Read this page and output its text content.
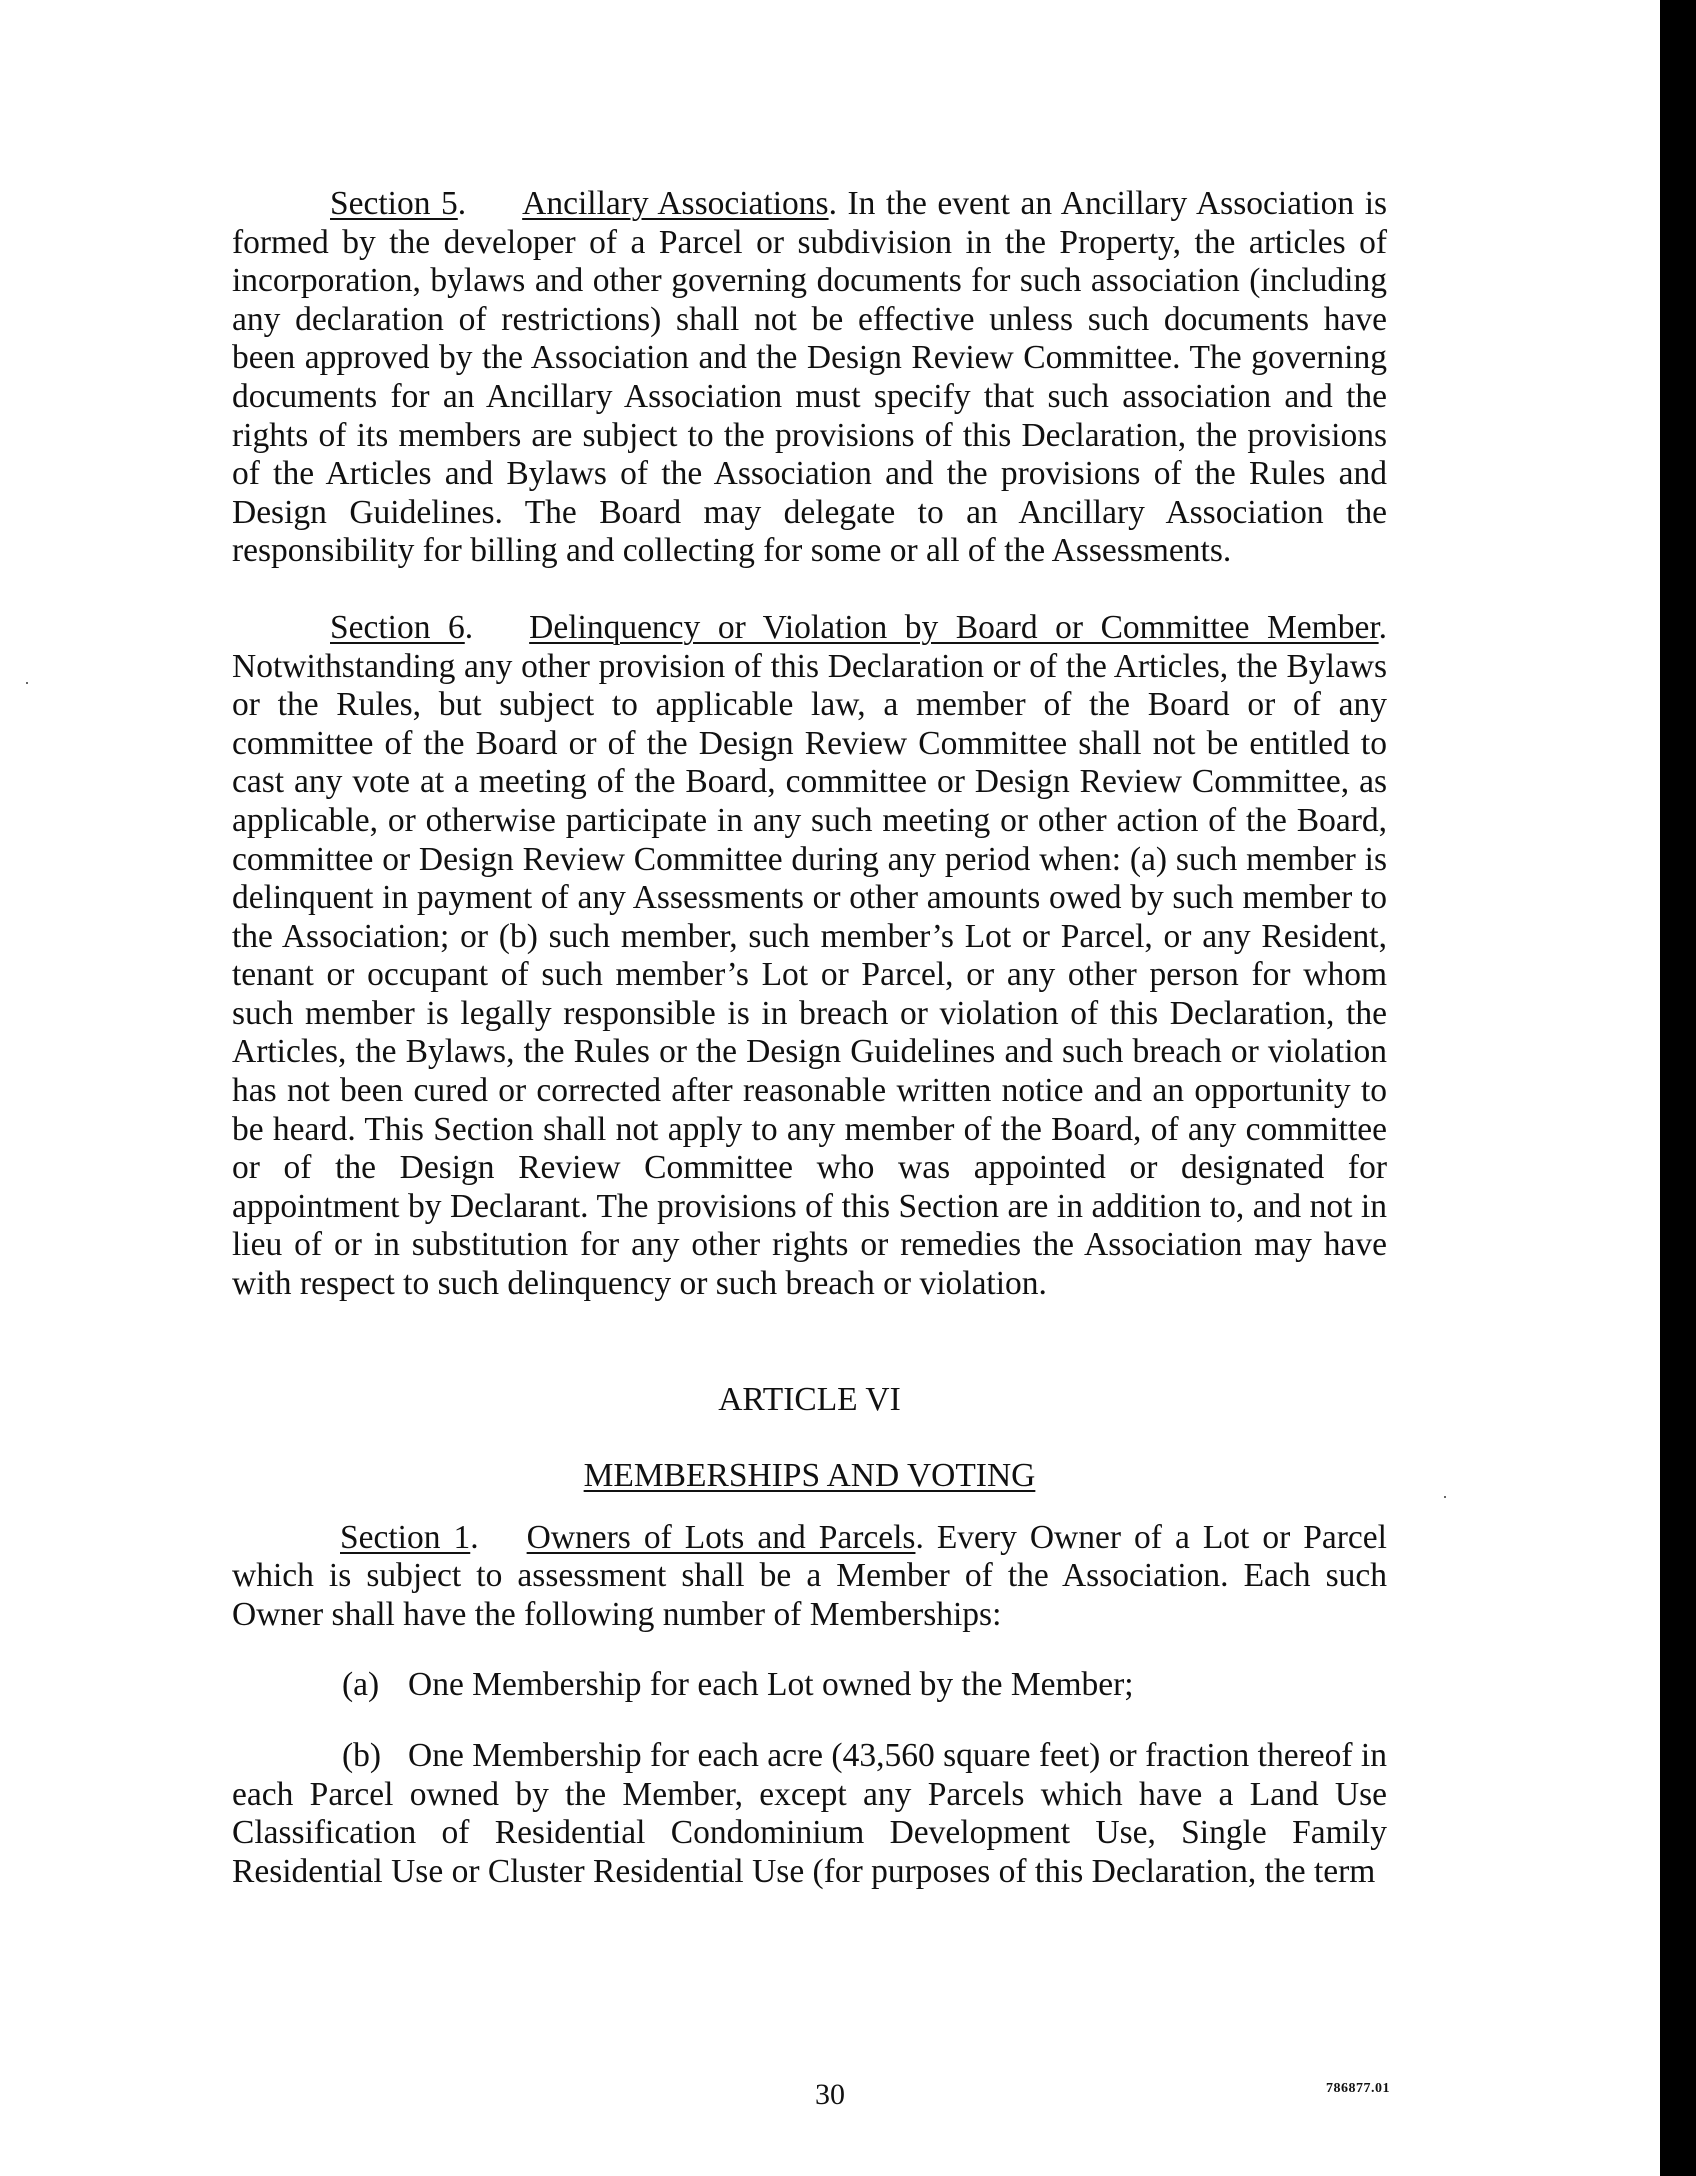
Section 5. Ancillary Associations. In the event an Ancillary Association is formed by the developer of a Parcel or subdivision in the Property, the articles of incorporation, bylaws and other governing documents for such association (including any declaration of restrictions) shall not be effective unless such documents have been approved by the Association and the Design Review Committee. The governing documents for an Ancillary Association must specify that such association and the rights of its members are subject to the provisions of this Declaration, the provisions of the Articles and Bylaws of the Association and the provisions of the Rules and Design Guidelines. The Board may delegate to an Ancillary Association the responsibility for billing and collecting for some or all of the Assessments.

Section 6. Delinquency or Violation by Board or Committee Member. Notwithstanding any other provision of this Declaration or of the Articles, the Bylaws or the Rules, but subject to applicable law, a member of the Board or of any committee of the Board or of the Design Review Committee shall not be entitled to cast any vote at a meeting of the Board, committee or Design Review Committee, as applicable, or otherwise participate in any such meeting or other action of the Board, committee or Design Review Committee during any period when: (a) such member is delinquent in payment of any Assessments or other amounts owed by such member to the Association; or (b) such member, such member’s Lot or Parcel, or any Resident, tenant or occupant of such member’s Lot or Parcel, or any other person for whom such member is legally responsible is in breach or violation of this Declaration, the Articles, the Bylaws, the Rules or the Design Guidelines and such breach or violation has not been cured or corrected after reasonable written notice and an opportunity to be heard. This Section shall not apply to any member of the Board, of any committee or of the Design Review Committee who was appointed or designated for appointment by Declarant. The provisions of this Section are in addition to, and not in lieu of or in substitution for any other rights or remedies the Association may have with respect to such delinquency or such breach or violation.

ARTICLE VI

MEMBERSHIPS AND VOTING

Section 1. Owners of Lots and Parcels. Every Owner of a Lot or Parcel which is subject to assessment shall be a Member of the Association. Each such Owner shall have the following number of Memberships:

(a) One Membership for each Lot owned by the Member;

(b) One Membership for each acre (43,560 square feet) or fraction thereof in each Parcel owned by the Member, except any Parcels which have a Land Use Classification of Residential Condominium Development Use, Single Family Residential Use or Cluster Residential Use (for purposes of this Declaration, the term

30	786877.01
